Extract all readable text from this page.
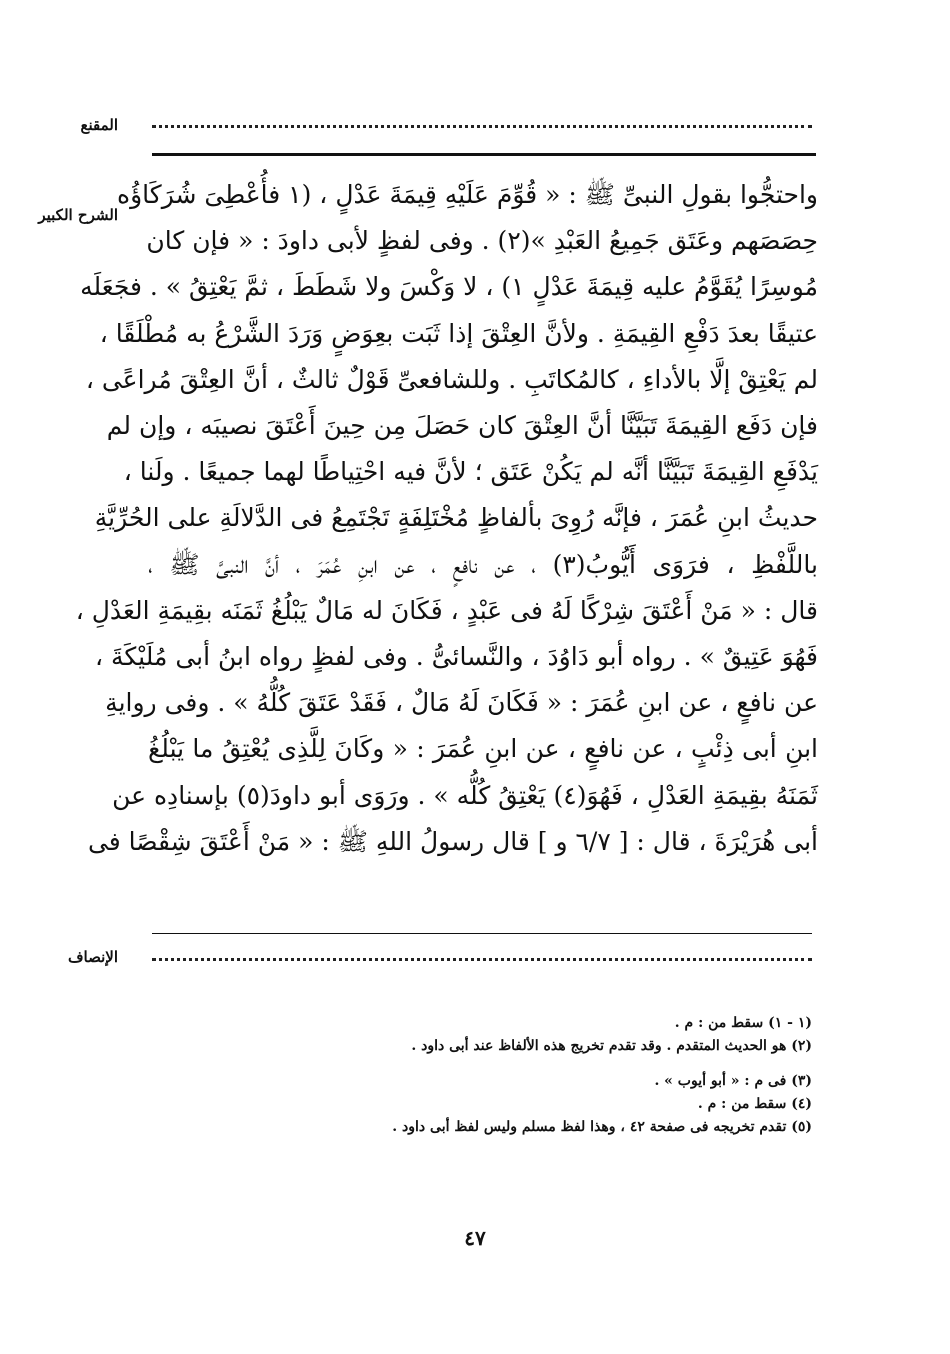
المقنع
الشرح الكبير
واحتجُّوا بقولِ النبىِّ ﷺ : « قُوِّمَ عَلَيْهِ قِيمَةَ عَدْلٍ ، (١ فأُعْطِىَ شُرَكَاؤُه
حِصَصَهم وعَتَق جَمِيعُ العَبْدِ »(٢) . وفى لفظٍ لأبى داودَ : « فإن كان
مُوسِرًا يُقَوَّمُ عليه قِيمَةَ عَدْلٍ ١) ، لا وَكْسَ ولا شَطَطَ ، ثمَّ يَعْتِقُ » . فجَعَلَه
عتيقًا بعدَ دَفْعِ القِيمَةِ . ولأنَّ العِتْقَ إذا ثَبَت بعِوَضٍ وَرَدَ الشَّرْعُ به مُطْلَقًا ،
لم يَعْتِقْ إلَّا بالأداءِ ، كالمُكاتَبِ . وللشافعىِّ قَوْلٌ ثالثٌ ، أنَّ العِتْقَ مُراعًى ،
فإن دَفَع القِيمَةَ تَبَيَّنَّا أنَّ العِتْقَ كان حَصَلَ مِن حِينَ أَعْتَقَ نصيبَه ، وإن لم
يَدْفَعِ القِيمَةَ تَبَيَّنَّا أنَّه لم يَكُنْ عَتَق ؛ لأنَّ فيه احْتِياطًا لهما جميعًا . ولَنا ،
حديثُ ابنِ عُمَرَ ، فإنَّه رُوِىَ بألفاظٍ مُخْتَلِفَةٍ تَجْتَمِعُ فى الدَّلالَةِ على الحُرِّيَّةِ
باللَّفْظِ ، فرَوَى أَيُّوبُ(٣) ، عن نافعٍ ، عن ابنِ عُمَرَ ، أنَّ النبىَّ ﷺ ،
قال : « مَنْ أَعْتَقَ شِرْكًا لَهُ فى عَبْدٍ ، فَكَانَ له مَالٌ يَبْلُغُ ثَمَنَه بقِيمَةِ العَدْلِ ،
فَهُوَ عَتِيقٌ » . رواه أبو دَاوُدَ ، والنَّسائىُّ . وفى لفظٍ رواه ابنُ أبى مُلَيْكَةَ ،
عن نافعٍ ، عن ابنِ عُمَرَ : « فَكَانَ لَهُ مَالٌ ، فَقَدْ عَتَقَ كُلُّهُ » . وفى روايةِ
ابنِ أبى ذِئْبٍ ، عن نافعٍ ، عن ابنِ عُمَرَ : « وكَانَ لِلَّذِى يُعْتِقُ ما يَبْلُغُ
ثَمَنَهُ بقِيمَةِ العَدْلِ ، فَهُوَ(٤) يَعْتِقُ كُلُّه » . ورَوَى أبو داودَ(٥) بإسنادِه عن
أبى هُرَيْرَةَ ، قال : [ ٦/٧ و ] قال رسولُ اللهِ ﷺ : « مَنْ أَعْتَقَ شِقْصًا فى
الإنصاف
(١ - ١) سقط من : م .
(٢) هو الحديث المتقدم . وقد تقدم تخريج هذه الألفاظ عند أبى داود .
(٣) فى م : « أبو أيوب » .
(٤) سقط من : م .
(٥) تقدم تخريجه فى صفحة ٤٢ ، وهذا لفظ مسلم وليس لفظ أبى داود .
٤٧
